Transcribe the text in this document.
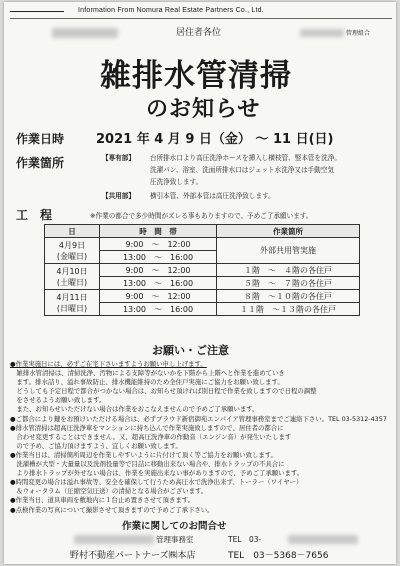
Information From Nomura Real Estate Partners Co., Ltd.
居住者各位	管理組合
雑排水管清掃
のお知らせ
作業日時 2021 年 4 月 9 日（金） ～ 11 日(日)
作業箇所	【専有部】 台所排水口より高圧洗浄ホースを挿入し横枝管、竪本管を洗浄。
洗濯パン、浴室、洗面所排水口はジェット水洗浄又は手動空気
圧洗浄致します。
【共用部】 横引本管、外部本管は高圧洗浄致します。
工　程	※作業の都合で多少時間がズレる事もありますので、予めご了承願います。
日	時　間　帯	作業箇所

4月9日
(金曜日)	9:00　～　12:00	外部共用管実施
	13:00　～　16:00	

4月10日
(土曜日)	9:00　～　12:00	１階　～　４階の各住戸
	13:00　～　16:00	５階　～　７階の各住戸

4月11日
(日曜日)	9:00　～　12:00	８階　～１０階の各住戸
	13:00　～　16:00	１１階　～１３階の各住戸
お願い・ご注意

●作業実施日には、必ずご在宅下さいますようお願い申し上げます。

　雑排水管清掃は、清掃洗浄、汚物による支障等がないかを下階から上階へと作業を進めていき

　ます。排水詰り、溢れ事故防止、排水機能維持のため全住戸実施にご協力をお願い致します。

　どうしても予定日程で都合がつかない場合は、お知らせ頂ければ別日程で作業を致しますので日程の調整

　をさせるようお願い致します。

　また、お知らせいただけない場合は作業をおこなえませんので予めご了承願います。

●ご都合により鍵をお預けいただける場合は、必ずブラウド新宿御苑エンパイア管理事務室までご連絡下さい。TEL 03-5312-4357

●排水管清掃は超高圧洗浄車をマンションに持ち込んで作業実施致しますので、居住者の都合に

　合わせ変更することはできません。又、超高圧洗浄車の作動音（エンジン音）が発生いたします

　ので予め、ご協力頂けますよう、宜しくお願い致します。

●作業当日は、清掃箇所周辺を作業しやすいように片付けて頂く等ご協力をお願い致します。

　洗濯槽が大型・大量量以及洗剤投量等で目詰に移動出来ない場合や、排水トラップの不具合に

　より排水トラップが外せない場合は、作業を実施出来ない事がありますので、予めご了承願います。

●時間変更の場合は溢れ事故等、安全を確保して行うため高圧水で洗浄出来ず、トーラー（ワイヤー）

　＆ウォータラム（圧縮空気圧送）の清掃となる場合がございます。

●作業当日、道具車両を敷地内に１台止め置きさせて頂きます。

●点検作業の写真について撮影させて頂きますので予めご了承下さい。

作業に関してのお問合せ
管理事務室	TEL　03-
野村不動産パートナーズ㈱本店	TEL　03－5368－7656
